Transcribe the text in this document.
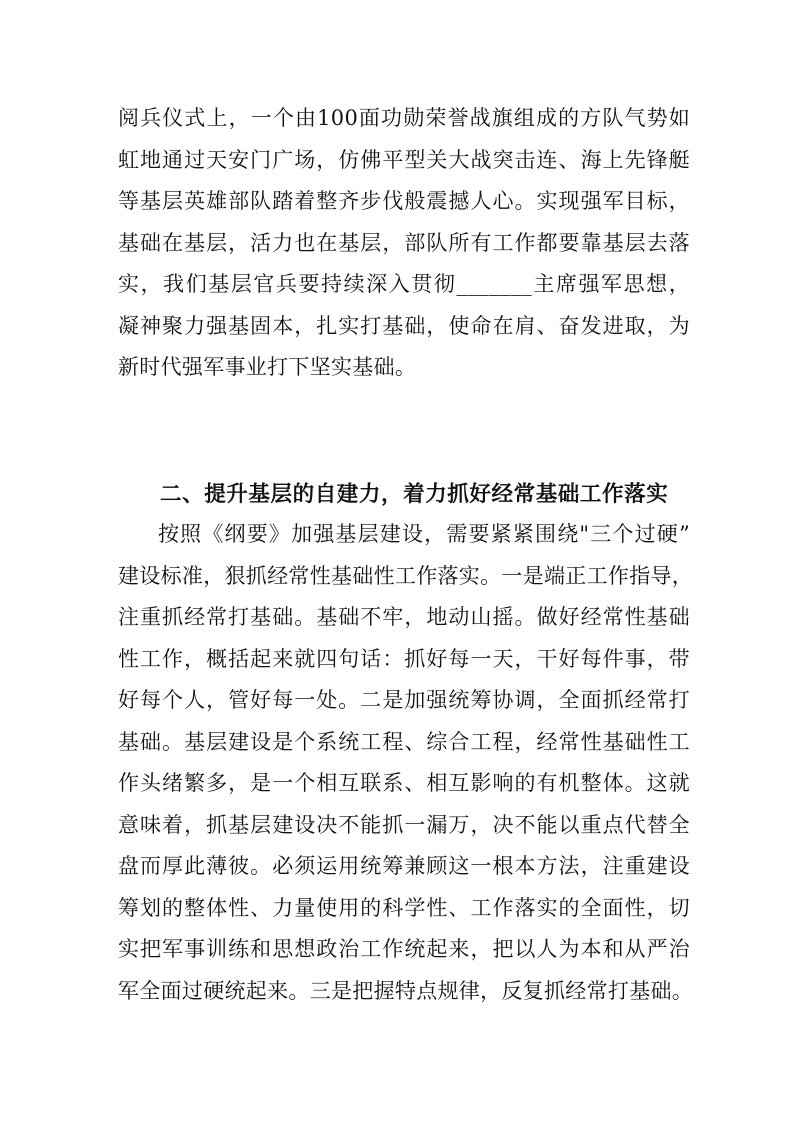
阅兵仪式上，一个由100面功勋荣誉战旗组成的方队气势如
虹地通过天安门广场，仿佛平型关大战突击连、海上先锋艇
等基层英雄部队踏着整齐步伐般震撼人心。实现强军目标，
基础在基层，活力也在基层，部队所有工作都要靠基层去落
实，我们基层官兵要持续深入贯彻_______主席强军思想，
凝神聚力强基固本，扎实打基础，使命在肩、奋发进取，为
新时代强军事业打下坚实基础。
二、提升基层的自建力，着力抓好经常基础工作落实
按照《纲要》加强基层建设，需要紧紧围绕"三个过硬”
建设标准，狠抓经常性基础性工作落实。一是端正工作指导，
注重抓经常打基础。基础不牢，地动山摇。做好经常性基础
性工作，概括起来就四句话：抓好每一天，干好每件事，带
好每个人，管好每一处。二是加强统筹协调，全面抓经常打
基础。基层建设是个系统工程、综合工程，经常性基础性工
作头绪繁多，是一个相互联系、相互影响的有机整体。这就
意味着，抓基层建设决不能抓一漏万，决不能以重点代替全
盘而厚此薄彼。必须运用统筹兼顾这一根本方法，注重建设
筹划的整体性、力量使用的科学性、工作落实的全面性，切
实把军事训练和思想政治工作统起来，把以人为本和从严治
军全面过硬统起来。三是把握特点规律，反复抓经常打基础。
